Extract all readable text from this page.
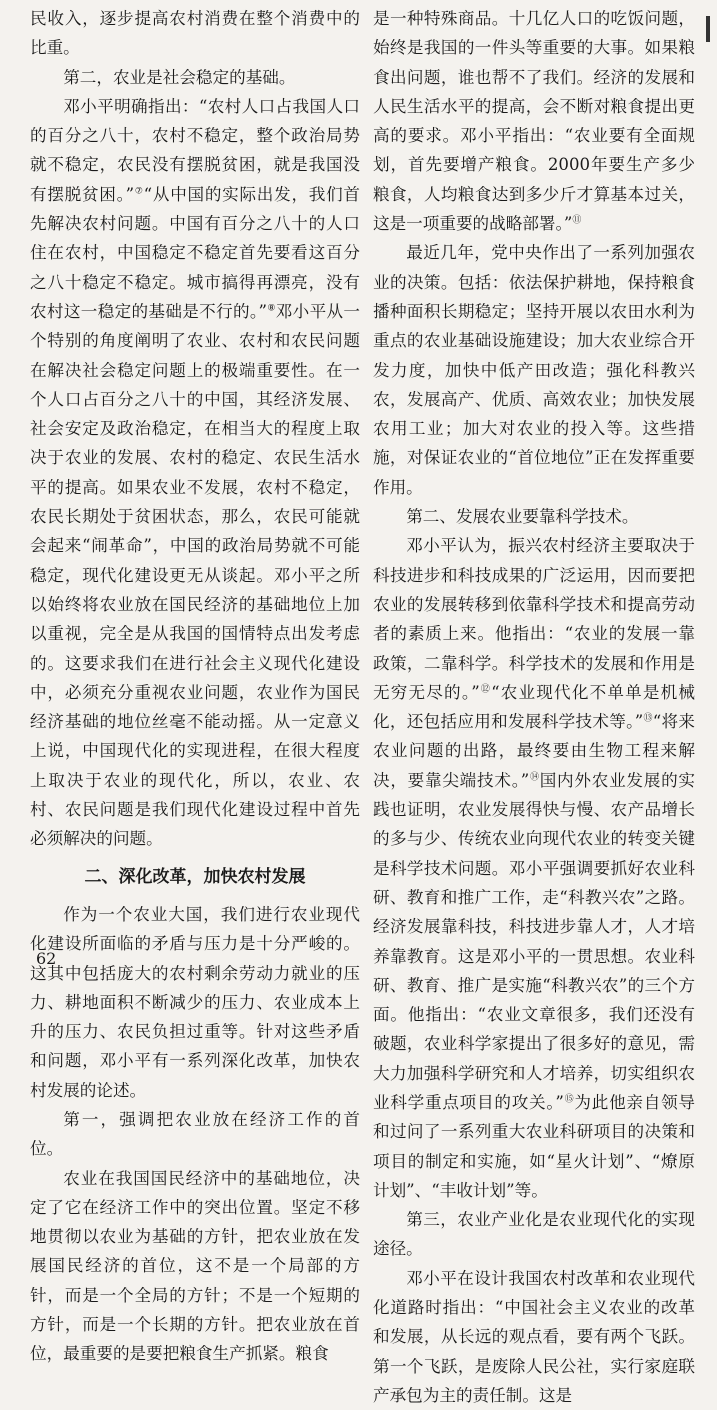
民收入，逐步提高农村消费在整个消费中的比重。

第二，农业是社会稳定的基础。

邓小平明确指出：“农村人口占我国人口的百分之八十，农村不稳定，整个政治局势就不稳定，农民没有摆脱贫困，就是我国没有摆脱贫困。”⑦“从中国的实际出发，我们首先解决农村问题。中国有百分之八十的人口住在农村，中国稳定不稳定首先要看这百分之八十稳定不稳定。城市搞得再漂亮，没有农村这一稳定的基础是不行的。”⑧邓小平从一个特别的角度阐明了农业、农村和农民问题在解决社会稳定问题上的极端重要性。在一个人口占百分之八十的中国，其经济发展、社会安定及政治稳定，在相当大的程度上取决于农业的发展、农村的稳定、农民生活水平的提高。如果农业不发展，农村不稳定，农民长期处于贫困状态，那么，农民可能就会起来“闹革命”，中国的政治局势就不可能稳定，现代化建设更无从谈起。邓小平之所以始终将农业放在国民经济的基础地位上加以重视，完全是从我国的国情特点出发考虑的。这要求我们在进行社会主义现代化建设中，必须充分重视农业问题，农业作为国民经济基础的地位丝毫不能动摇。从一定意义上说，中国现代化的实现进程，在很大程度上取决于农业的现代化，所以，农业、农村、农民问题是我们现代化建设过程中首先必须解决的问题。

二、深化改革，加快农村发展

作为一个农业大国，我们进行农业现代化建设所面临的矛盾与压力是十分严峻的。这其中包括庞大的农村剩余劳动力就业的压力、耕地面积不断减少的压力、农业成本上升的压力、农民负担过重等。针对这些矛盾和问题，邓小平有一系列深化改革，加快农村发展的论述。

第一，强调把农业放在经济工作的首位。

农业在我国国民经济中的基础地位，决定了它在经济工作中的突出位置。坚定不移地贯彻以农业为基础的方针，把农业放在发展国民经济的首位，这不是一个局部的方针，而是一个全局的方针；不是一个短期的方针，而是一个长期的方针。把农业放在首位，最重要的是要把粮食生产抓紧。粮食

是一种特殊商品。十几亿人口的吃饭问题，始终是我国的一件头等重要的大事。如果粮食出问题，谁也帮不了我们。经济的发展和人民生活水平的提高，会不断对粮食提出更高的要求。邓小平指出：“农业要有全面规划，首先要增产粮食。2000年要生产多少粮食，人均粮食达到多少斤才算基本过关，这是一项重要的战略部署。”⑪

最近几年，党中央作出了一系列加强农业的决策。包括：依法保护耕地，保持粮食播种面积长期稳定；坚持开展以农田水利为重点的农业基础设施建设；加大农业综合开发力度，加快中低产田改造；强化科教兴农，发展高产、优质、高效农业；加快发展农用工业；加大对农业的投入等。这些措施，对保证农业的“首位地位”正在发挥重要作用。

第二、发展农业要靠科学技术。

邓小平认为，振兴农村经济主要取决于科技进步和科技成果的广泛运用，因而要把农业的发展转移到依靠科学技术和提高劳动者的素质上来。他指出：“农业的发展一靠政策，二靠科学。科学技术的发展和作用是无穷无尽的。”⑫“农业现代化不单单是机械化，还包括应用和发展科学技术等。”⑬“将来农业问题的出路，最终要由生物工程来解决，要靠尖端技术。”⑭国内外农业发展的实践也证明，农业发展得快与慢、农产品增长的多与少、传统农业向现代农业的转变关键是科学技术问题。邓小平强调要抓好农业科研、教育和推广工作，走“科教兴农”之路。经济发展靠科技，科技进步靠人才，人才培养靠教育。这是邓小平的一贯思想。农业科研、教育、推广是实施“科教兴农”的三个方面。他指出：“农业文章很多，我们还没有破题，农业科学家提出了很多好的意见，需大力加强科学研究和人才培养，切实组织农业科学重点项目的攻关。”⑮为此他亲自领导和过问了一系列重大农业科研项目的决策和项目的制定和实施，如“星火计划”、“燎原计划”、“丰收计划”等。

第三，农业产业化是农业现代化的实现途径。

邓小平在设计我国农村改革和农业现代化道路时指出：“中国社会主义农业的改革和发展，从长远的观点看，要有两个飞跃。第一个飞跃，是废除人民公社，实行家庭联产承包为主的责任制。这是

62
